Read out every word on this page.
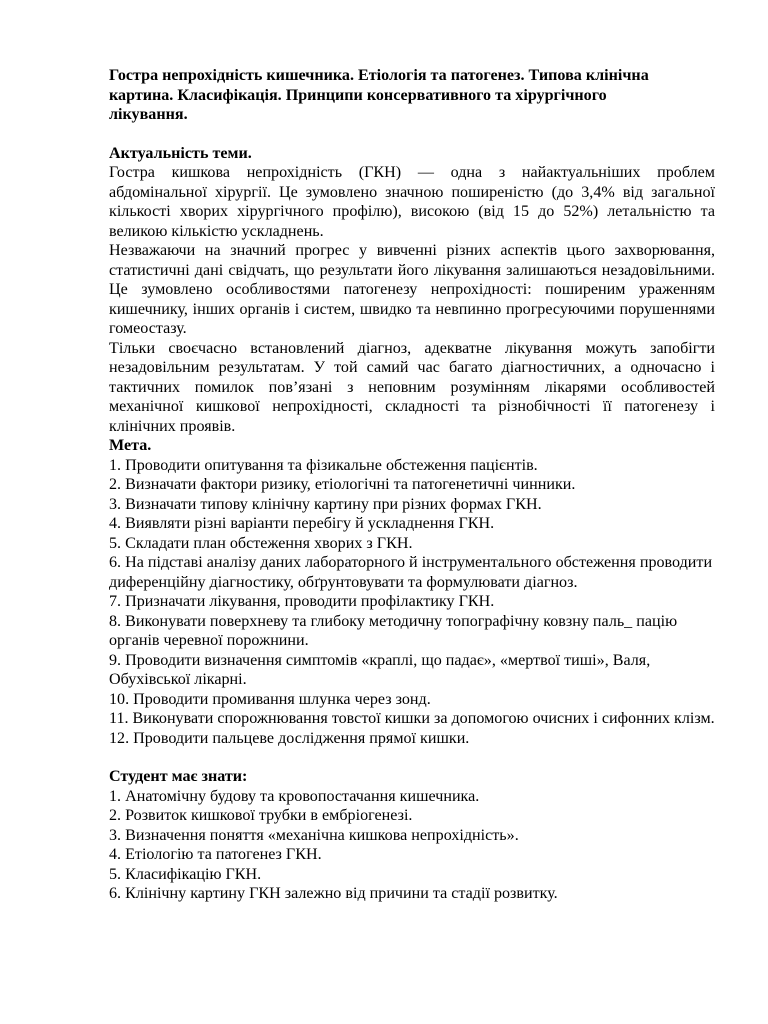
Гостра непрохідність кишечника. Етіологія та патогенез. Типова клінічна картина. Класифікація. Принципи консервативного та хірургічного лікування.

Актуальність теми.

Гостра кишкова непрохідність (ГКН) — одна з найактуальніших проблем абдомінальної хірургії. Це зумовлено значною поширеністю (до 3,4% від загальної кількості хворих хірургічного профілю), високою (від 15 до 52%) летальністю та великою кількістю ускладнень.

Незважаючи на значний прогрес у вивченні різних аспектів цього захворювання, статистичні дані свідчать, що результати його лікування залишаються незадовільними. Це зумовлено особливостями патогенезу непрохідності: поширеним ураженням кишечнику, інших органів і систем, швидко та невпинно прогресуючими порушеннями гомеостазу.

Тільки своєчасно встановлений діагноз, адекватне лікування можуть запобігти незадовільним результатам. У той самий час багато діагностичних, а одночасно і тактичних помилок пов’язані з неповним розумінням лікарями особливостей механічної кишкової непрохідності, складності та різнобічності її патогенезу і клінічних проявів.

Мета.

1. Проводити опитування та фізикальне обстеження пацієнтів.
2. Визначати фактори ризику, етіологічні та патогенетичні чинники.
3. Визначати типову клінічну картину при різних формах ГКН.
4. Виявляти різні варіанти перебігу й ускладнення ГКН.
5. Складати план обстеження хворих з ГКН.
6. На підставі аналізу даних лабораторного й інструментального обстеження проводити диференційну діагностику, обґрунтовувати та формулювати діагноз.
7. Призначати лікування, проводити профілактику ГКН.
8. Виконувати поверхневу та глибоку методичну топографічну ковзну паль_ пацію органів черевної порожнини.
9. Проводити визначення симптомів «краплі, що падає», «мертвої тиші», Валя, Обухівської лікарні.
10. Проводити промивання шлунка через зонд.
11. Виконувати спорожнювання товстої кишки за допомогою очисних і сифонних клізм.
12. Проводити пальцеве дослідження прямої кишки.

Студент має знати:

1. Анатомічну будову та кровопостачання кишечника.
2. Розвиток кишкової трубки в ембріогенезі.
3. Визначення поняття «механічна кишкова непрохідність».
4. Етіологію та патогенез ГКН.
5. Класифікацію ГКН.
6. Клінічну картину ГКН залежно від причини та стадії розвитку.
